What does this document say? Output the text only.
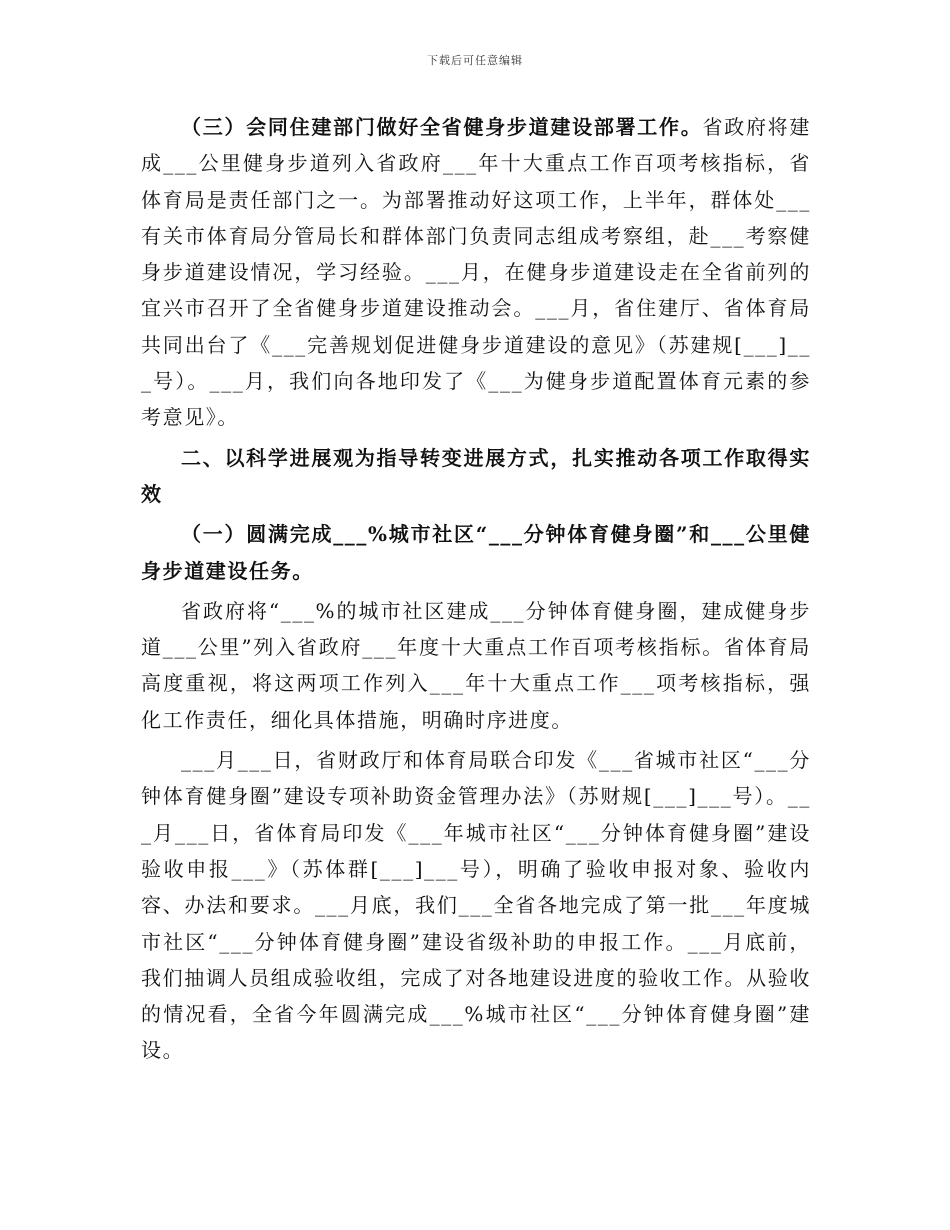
下载后可任意编辑

（三）会同住建部门做好全省健身步道建设部署工作。省政府将建成___公里健身步道列入省政府___年十大重点工作百项考核指标，省体育局是责任部门之一。为部署推动好这项工作，上半年，群体处___有关市体育局分管局长和群体部门负责同志组成考察组，赴___考察健身步道建设情况，学习经验。___月，在健身步道建设走在全省前列的宜兴市召开了全省健身步道建设推动会。___月，省住建厅、省体育局共同出台了《___完善规划促进健身步道建设的意见》（苏建规[___]___号）。___月，我们向各地印发了《___为健身步道配置体育元素的参考意见》。

二、以科学进展观为指导转变进展方式，扎实推动各项工作取得实效

（一）圆满完成___%城市社区“___分钟体育健身圈”和___公里健身步道建设任务。

省政府将“___%的城市社区建成___分钟体育健身圈，建成健身步道___公里”列入省政府___年度十大重点工作百项考核指标。省体育局高度重视，将这两项工作列入___年十大重点工作___项考核指标，强化工作责任，细化具体措施，明确时序进度。

___月___日，省财政厅和体育局联合印发《___省城市社区“___分钟体育健身圈”建设专项补助资金管理办法》（苏财规[___]___号）。___月___日，省体育局印发《___年城市社区“___分钟体育健身圈”建设验收申报___》（苏体群[___]___号），明确了验收申报对象、验收内容、办法和要求。___月底，我们___全省各地完成了第一批___年度城市社区“___分钟体育健身圈”建设省级补助的申报工作。___月底前，我们抽调人员组成验收组，完成了对各地建设进度的验收工作。从验收的情况看，全省今年圆满完成___%城市社区“___分钟体育健身圈”建设。
